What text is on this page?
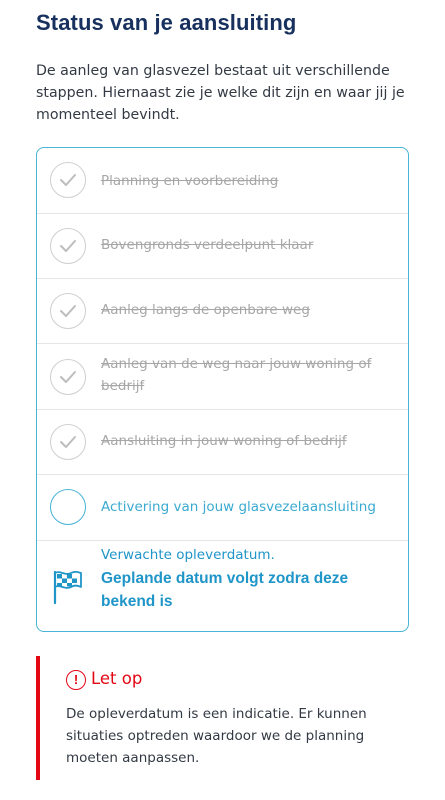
Status van je aansluiting
De aanleg van glasvezel bestaat uit verschillende stappen. Hiernaast zie je welke dit zijn en waar jij je momenteel bevindt.
Planning en voorbereiding
Bovengronds verdeelpunt klaar
Aanleg langs de openbare weg
Aanleg van de weg naar jouw woning of bedrijf
Aansluiting in jouw woning of bedrijf
Activering van jouw glasvezelaansluiting
Verwachte opleverdatum.
Geplande datum volgt zodra deze bekend is
! Let op
De opleverdatum is een indicatie. Er kunnen situaties optreden waardoor we de planning moeten aanpassen.
